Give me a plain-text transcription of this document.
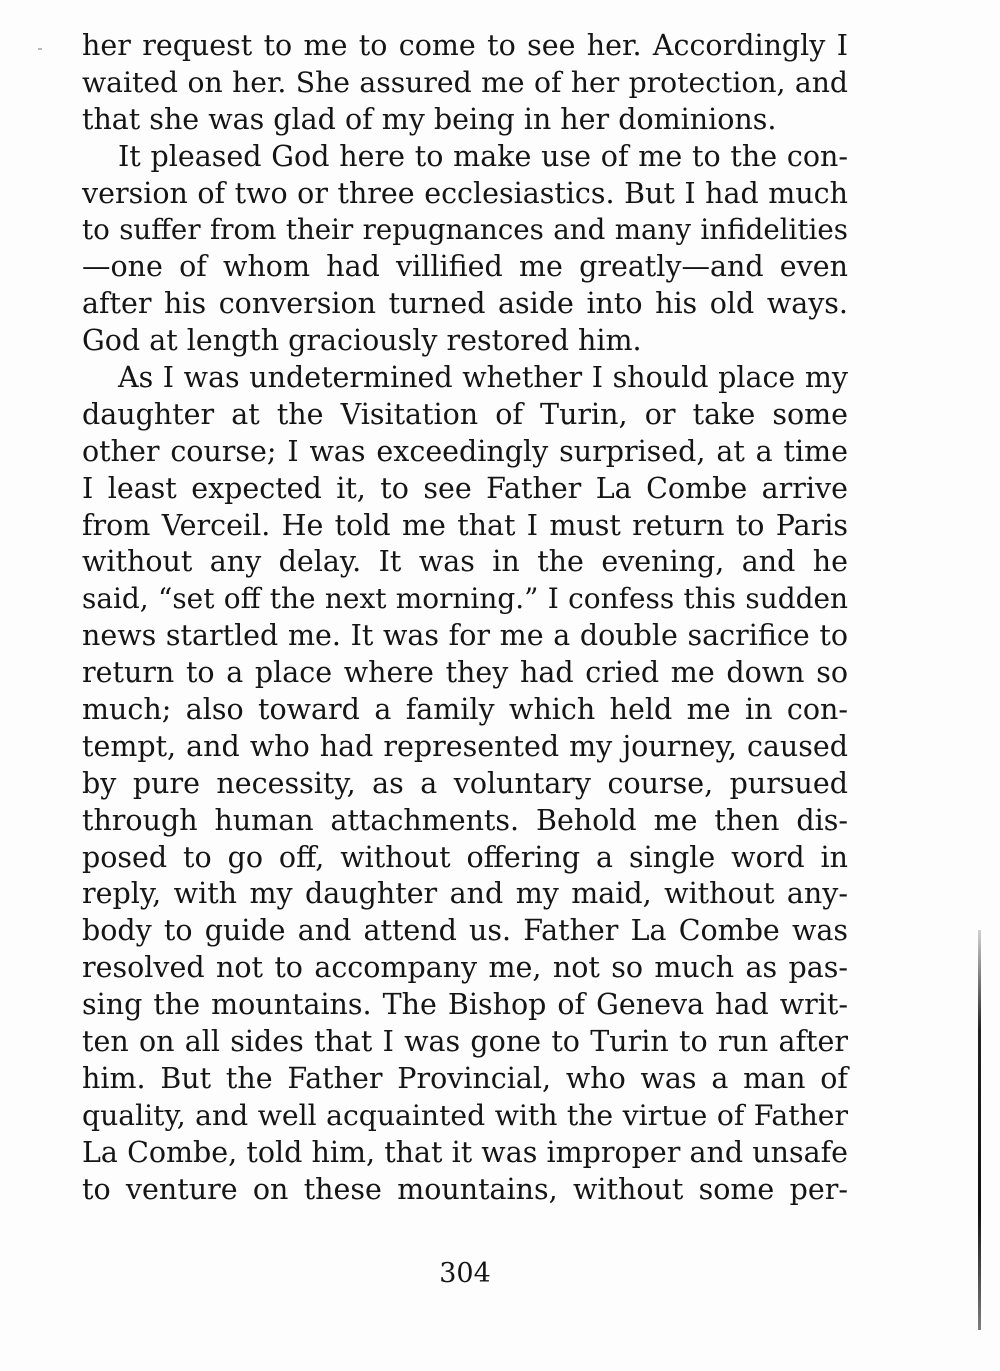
her request to me to come to see her. Accordingly I
waited on her. She assured me of her protection, and
that she was glad of my being in her dominions.
It pleased God here to make use of me to the con-
version of two or three ecclesiastics. But I had much
to suffer from their repugnances and many infidelities
—one of whom had villified me greatly—and even
after his conversion turned aside into his old ways.
God at length graciously restored him.
As I was undetermined whether I should place my
daughter at the Visitation of Turin, or take some
other course; I was exceedingly surprised, at a time
I least expected it, to see Father La Combe arrive
from Verceil. He told me that I must return to Paris
without any delay. It was in the evening, and he
said, “set off the next morning.” I confess this sudden
news startled me. It was for me a double sacrifice to
return to a place where they had cried me down so
much; also toward a family which held me in con-
tempt, and who had represented my journey, caused
by pure necessity, as a voluntary course, pursued
through human attachments. Behold me then dis-
posed to go off, without offering a single word in
reply, with my daughter and my maid, without any-
body to guide and attend us. Father La Combe was
resolved not to accompany me, not so much as pas-
sing the mountains. The Bishop of Geneva had writ-
ten on all sides that I was gone to Turin to run after
him. But the Father Provincial, who was a man of
quality, and well acquainted with the virtue of Father
La Combe, told him, that it was improper and unsafe
to venture on these mountains, without some per-
304
